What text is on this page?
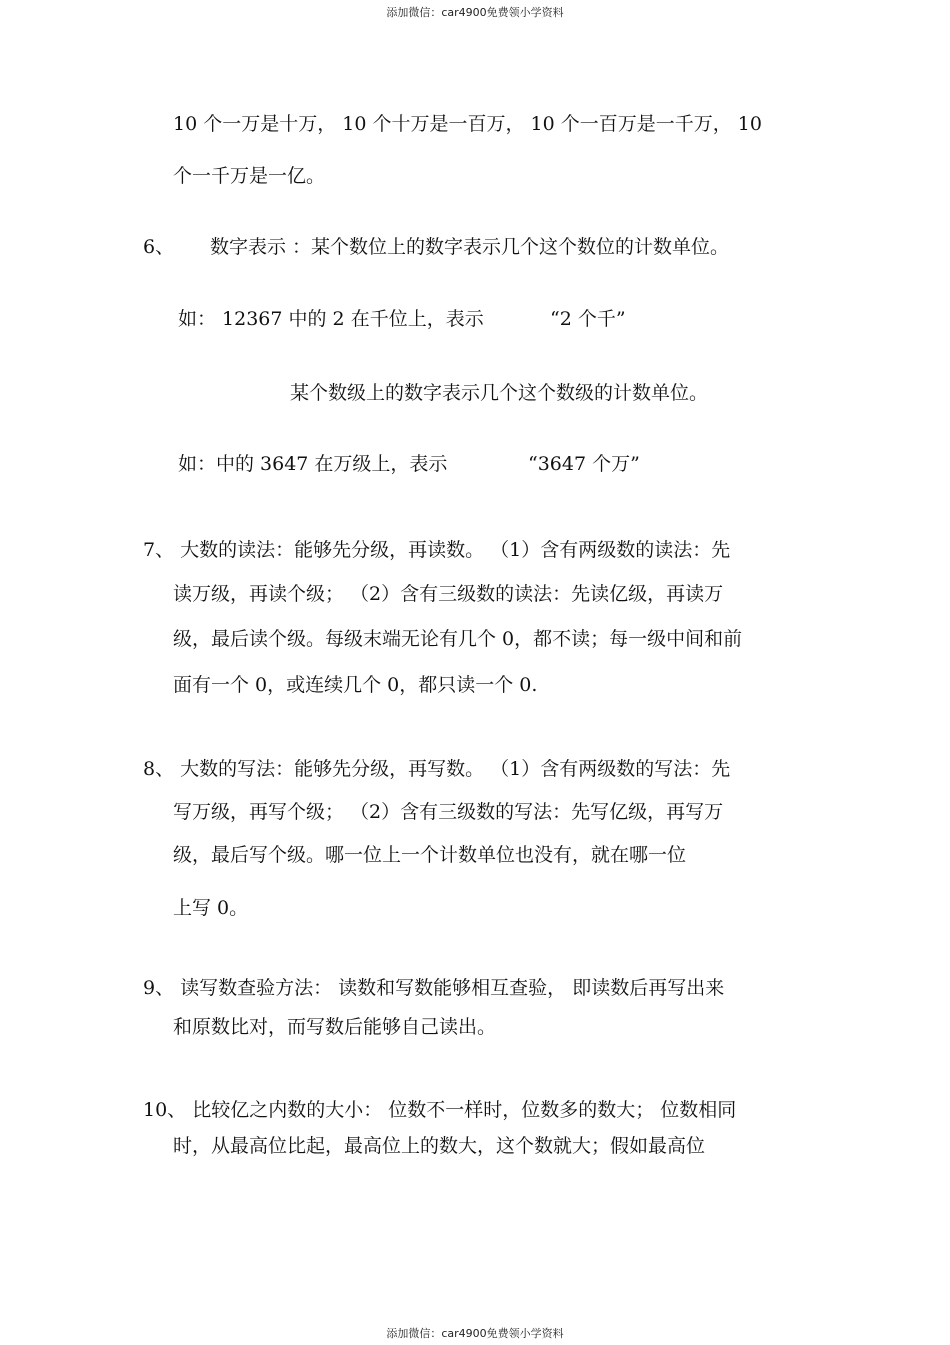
添加微信：car4900免费领小学资料
10 个一万是十万， 10 个十万是一百万， 10 个一百万是一千万， 10
个一千万是一亿。
6、 数字表示 ：某个数位上的数字表示几个这个数位的计数单位。
如： 12367 中的 2 在千位上，表示	“2 个千”
某个数级上的数字表示几个这个数级的计数单位。
如：中的 3647 在万级上，表示	“3647 个万”
7、 大数的读法：能够先分级，再读数。 （1）含有两级数的读法：先
读万级，再读个级； （2）含有三级数的读法：先读亿级，再读万
级，最后读个级。每级末端无论有几个 0，都不读；每一级中间和前
面有一个 0，或连续几个 0，都只读一个 0.
8、 大数的写法：能够先分级，再写数。 （1）含有两级数的写法：先
写万级，再写个级； （2）含有三级数的写法：先写亿级，再写万
级，最后写个级。哪一位上一个计数单位也没有，就在哪一位
上写 0。
9、 读写数查验方法： 读数和写数能够相互查验， 即读数后再写出来
和原数比对，而写数后能够自己读出。
10、 比较亿之内数的大小： 位数不一样时，位数多的数大； 位数相同
时，从最高位比起，最高位上的数大，这个数就大；假如最高位
添加微信：car4900免费领小学资料
